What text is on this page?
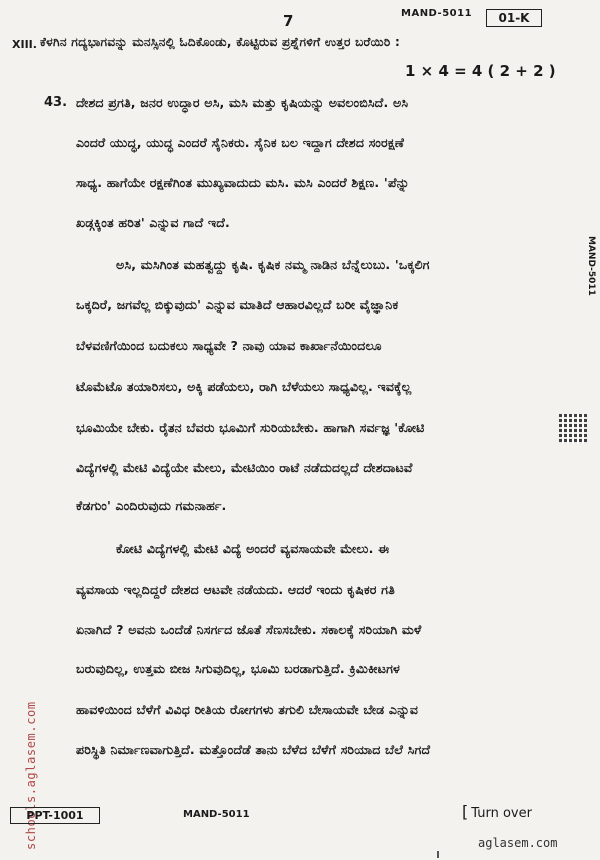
7	MAND-5011	01-K
XIII. ಕೆಳಗಿನ ಗದ್ಯಭಾಗವನ್ನು ಮನಸ್ಸಿನಲ್ಲಿ ಓದಿಕೊಂಡು, ಕೊಟ್ಟಿರುವ ಪ್ರಶ್ನೆಗಳಿಗೆ ಉತ್ತರ ಬರೆಯಿರಿ :
1 × 4 = 4 ( 2 + 2 )
43. ದೇಶದ ಪ್ರಗತಿ, ಜನರ ಉದ್ಧಾರ ಅಸಿ, ಮಸಿ ಮತ್ತು ಕೃಷಿಯನ್ನು ಅವಲಂಬಿಸಿದೆ. ಅಸಿ
ಎಂದರೆ ಯುದ್ಧ, ಯುದ್ಧ ಎಂದರೆ ಸೈನಿಕರು. ಸೈನಿಕ ಬಲ ಇದ್ದಾಗ ದೇಶದ ಸಂರಕ್ಷಣೆ
ಸಾಧ್ಯ. ಹಾಗೆಯೇ ರಕ್ಷಣೆಗಿಂತ ಮುಖ್ಯವಾದುದು ಮಸಿ. ಮಸಿ ಎಂದರೆ ಶಿಕ್ಷಣ. 'ಪೆನ್ನು
ಖಡ್ಗಕ್ಕಿಂತ ಹರಿತ' ಎನ್ನುವ ಗಾದೆ ಇದೆ.
ಅಸಿ, ಮಸಿಗಿಂತ ಮಹತ್ವದ್ದು ಕೃಷಿ. ಕೃಷಿಕ ನಮ್ಮ ನಾಡಿನ ಬೆನ್ನೆಲುಬು. 'ಒಕ್ಕಲಿಗ
ಒಕ್ಕದಿರೆ, ಜಗವೆಲ್ಲ ಬಿಕ್ಕುವುದು' ಎನ್ನುವ ಮಾತಿದೆ ಆಹಾರವಿಲ್ಲದೆ ಬರೀ ವೈಜ್ಞಾನಿಕ
ಬೆಳವಣಿಗೆಯಿಂದ ಬದುಕಲು ಸಾಧ್ಯವೇ ? ನಾವು ಯಾವ ಕಾರ್ಖಾನೆಯಿಂದಲೂ
ಟೊಮೆಟೊ ತಯಾರಿಸಲು, ಅಕ್ಕಿ ಪಡೆಯಲು, ರಾಗಿ ಬೆಳೆಯಲು ಸಾಧ್ಯವಿಲ್ಲ. ಇವಕ್ಕೆಲ್ಲ
ಭೂಮಿಯೇ ಬೇಕು. ರೈತನ ಬೆವರು ಭೂಮಿಗೆ ಸುರಿಯಬೇಕು. ಹಾಗಾಗಿ ಸರ್ವಜ್ಞ 'ಕೋಟಿ
ವಿದ್ಯೆಗಳಲ್ಲಿ ಮೇಟಿ ವಿದ್ಯೆಯೇ ಮೇಲು, ಮೇಟಿಯಿಂ ರಾಟೆ ನಡೆದುದಲ್ಲದೆ ದೇಶದಾಟವೆ
ಕೆಡಗುಂ' ಎಂದಿರುವುದು ಗಮನಾರ್ಹ.
ಕೋಟಿ ವಿದ್ಯೆಗಳಲ್ಲಿ ಮೇಟಿ ವಿದ್ಯೆ ಅಂದರೆ ವ್ಯವಸಾಯವೇ ಮೇಲು. ಈ
ವ್ಯವಸಾಯ ಇಲ್ಲದಿದ್ದರೆ ದೇಶದ ಆಟವೇ ನಡೆಯದು. ಆದರೆ ಇಂದು ಕೃಷಿಕರ ಗತಿ
ಏನಾಗಿದೆ ? ಅವನು ಒಂದೆಡೆ ನಿಸರ್ಗದ ಜೊತೆ ಸೆಣಸಬೇಕು. ಸಕಾಲಕ್ಕೆ ಸರಿಯಾಗಿ ಮಳೆ
ಬರುವುದಿಲ್ಲ, ಉತ್ತಮ ಬೀಜ ಸಿಗುವುದಿಲ್ಲ, ಭೂಮಿ ಬರಡಾಗುತ್ತಿದೆ. ಕ್ರಿಮಿಕೀಟಗಳ
ಹಾವಳಿಯಿಂದ ಬೆಳೆಗೆ ವಿವಿಧ ರೀತಿಯ ರೋಗಗಳು ತಗುಲಿ ಬೇಸಾಯವೇ ಬೇಡ ಎನ್ನುವ
ಪರಿಸ್ಥಿತಿ ನಿರ್ಮಾಣವಾಗುತ್ತಿದೆ. ಮತ್ತೊಂದೆಡೆ ತಾನು ಬೆಳೆದ ಬೆಳೆಗೆ ಸರಿಯಾದ ಬೆಲೆ ಸಿಗದೆ
MAND-5011
schools.aglasem.com
PPT-1001	MAND-5011	[ Turn over
aglasem.com
